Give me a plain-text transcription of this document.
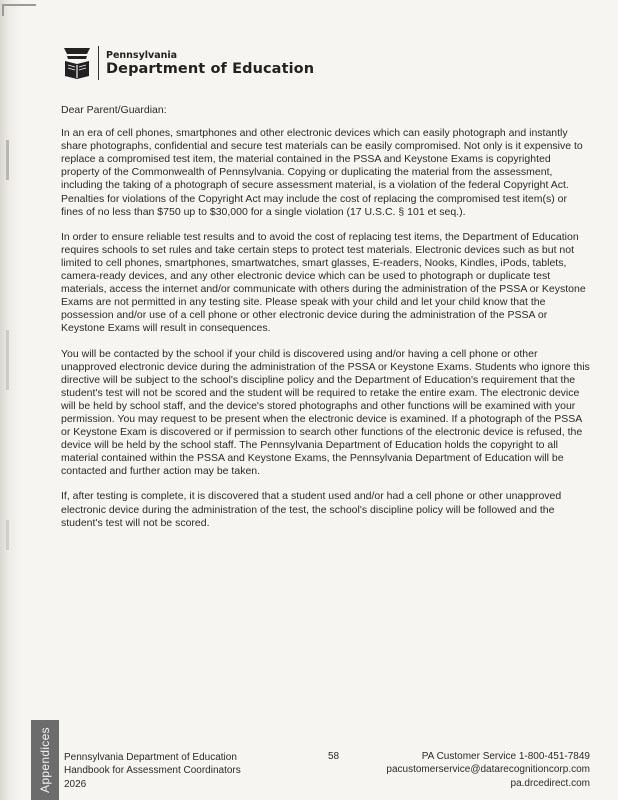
Pennsylvania
Department of Education

Dear Parent/Guardian:

In an era of cell phones, smartphones and other electronic devices which can easily photograph and instantly share photographs, confidential and secure test materials can be easily compromised. Not only is it expensive to replace a compromised test item, the material contained in the PSSA and Keystone Exams is copyrighted property of the Commonwealth of Pennsylvania. Copying or duplicating the material from the assessment, including the taking of a photograph of secure assessment material, is a violation of the federal Copyright Act. Penalties for violations of the Copyright Act may include the cost of replacing the compromised test item(s) or fines of no less than $750 up to $30,000 for a single violation (17 U.S.C. § 101 et seq.).

In order to ensure reliable test results and to avoid the cost of replacing test items, the Department of Education requires schools to set rules and take certain steps to protect test materials. Electronic devices such as but not limited to cell phones, smartphones, smartwatches, smart glasses, E-readers, Nooks, Kindles, iPods, tablets, camera-ready devices, and any other electronic device which can be used to photograph or duplicate test materials, access the internet and/or communicate with others during the administration of the PSSA or Keystone Exams are not permitted in any testing site. Please speak with your child and let your child know that the possession and/or use of a cell phone or other electronic device during the administration of the PSSA or Keystone Exams will result in consequences.

You will be contacted by the school if your child is discovered using and/or having a cell phone or other unapproved electronic device during the administration of the PSSA or Keystone Exams. Students who ignore this directive will be subject to the school's discipline policy and the Department of Education's requirement that the student's test will not be scored and the student will be required to retake the entire exam. The electronic device will be held by school staff, and the device's stored photographs and other functions will be examined with your permission. You may request to be present when the electronic device is examined. If a photograph of the PSSA or Keystone Exam is discovered or if permission to search other functions of the electronic device is refused, the device will be held by the school staff. The Pennsylvania Department of Education holds the copyright to all material contained within the PSSA and Keystone Exams, the Pennsylvania Department of Education will be contacted and further action may be taken.

If, after testing is complete, it is discovered that a student used and/or had a cell phone or other unapproved electronic device during the administration of the test, the school's discipline policy will be followed and the student's test will not be scored.

Appendices Pennsylvania Department of Education
Handbook for Assessment Coordinators
2026
58	PA Customer Service 1-800-451-7849
pacustomerservice@datarecognitioncorp.com
pa.drcedirect.com
